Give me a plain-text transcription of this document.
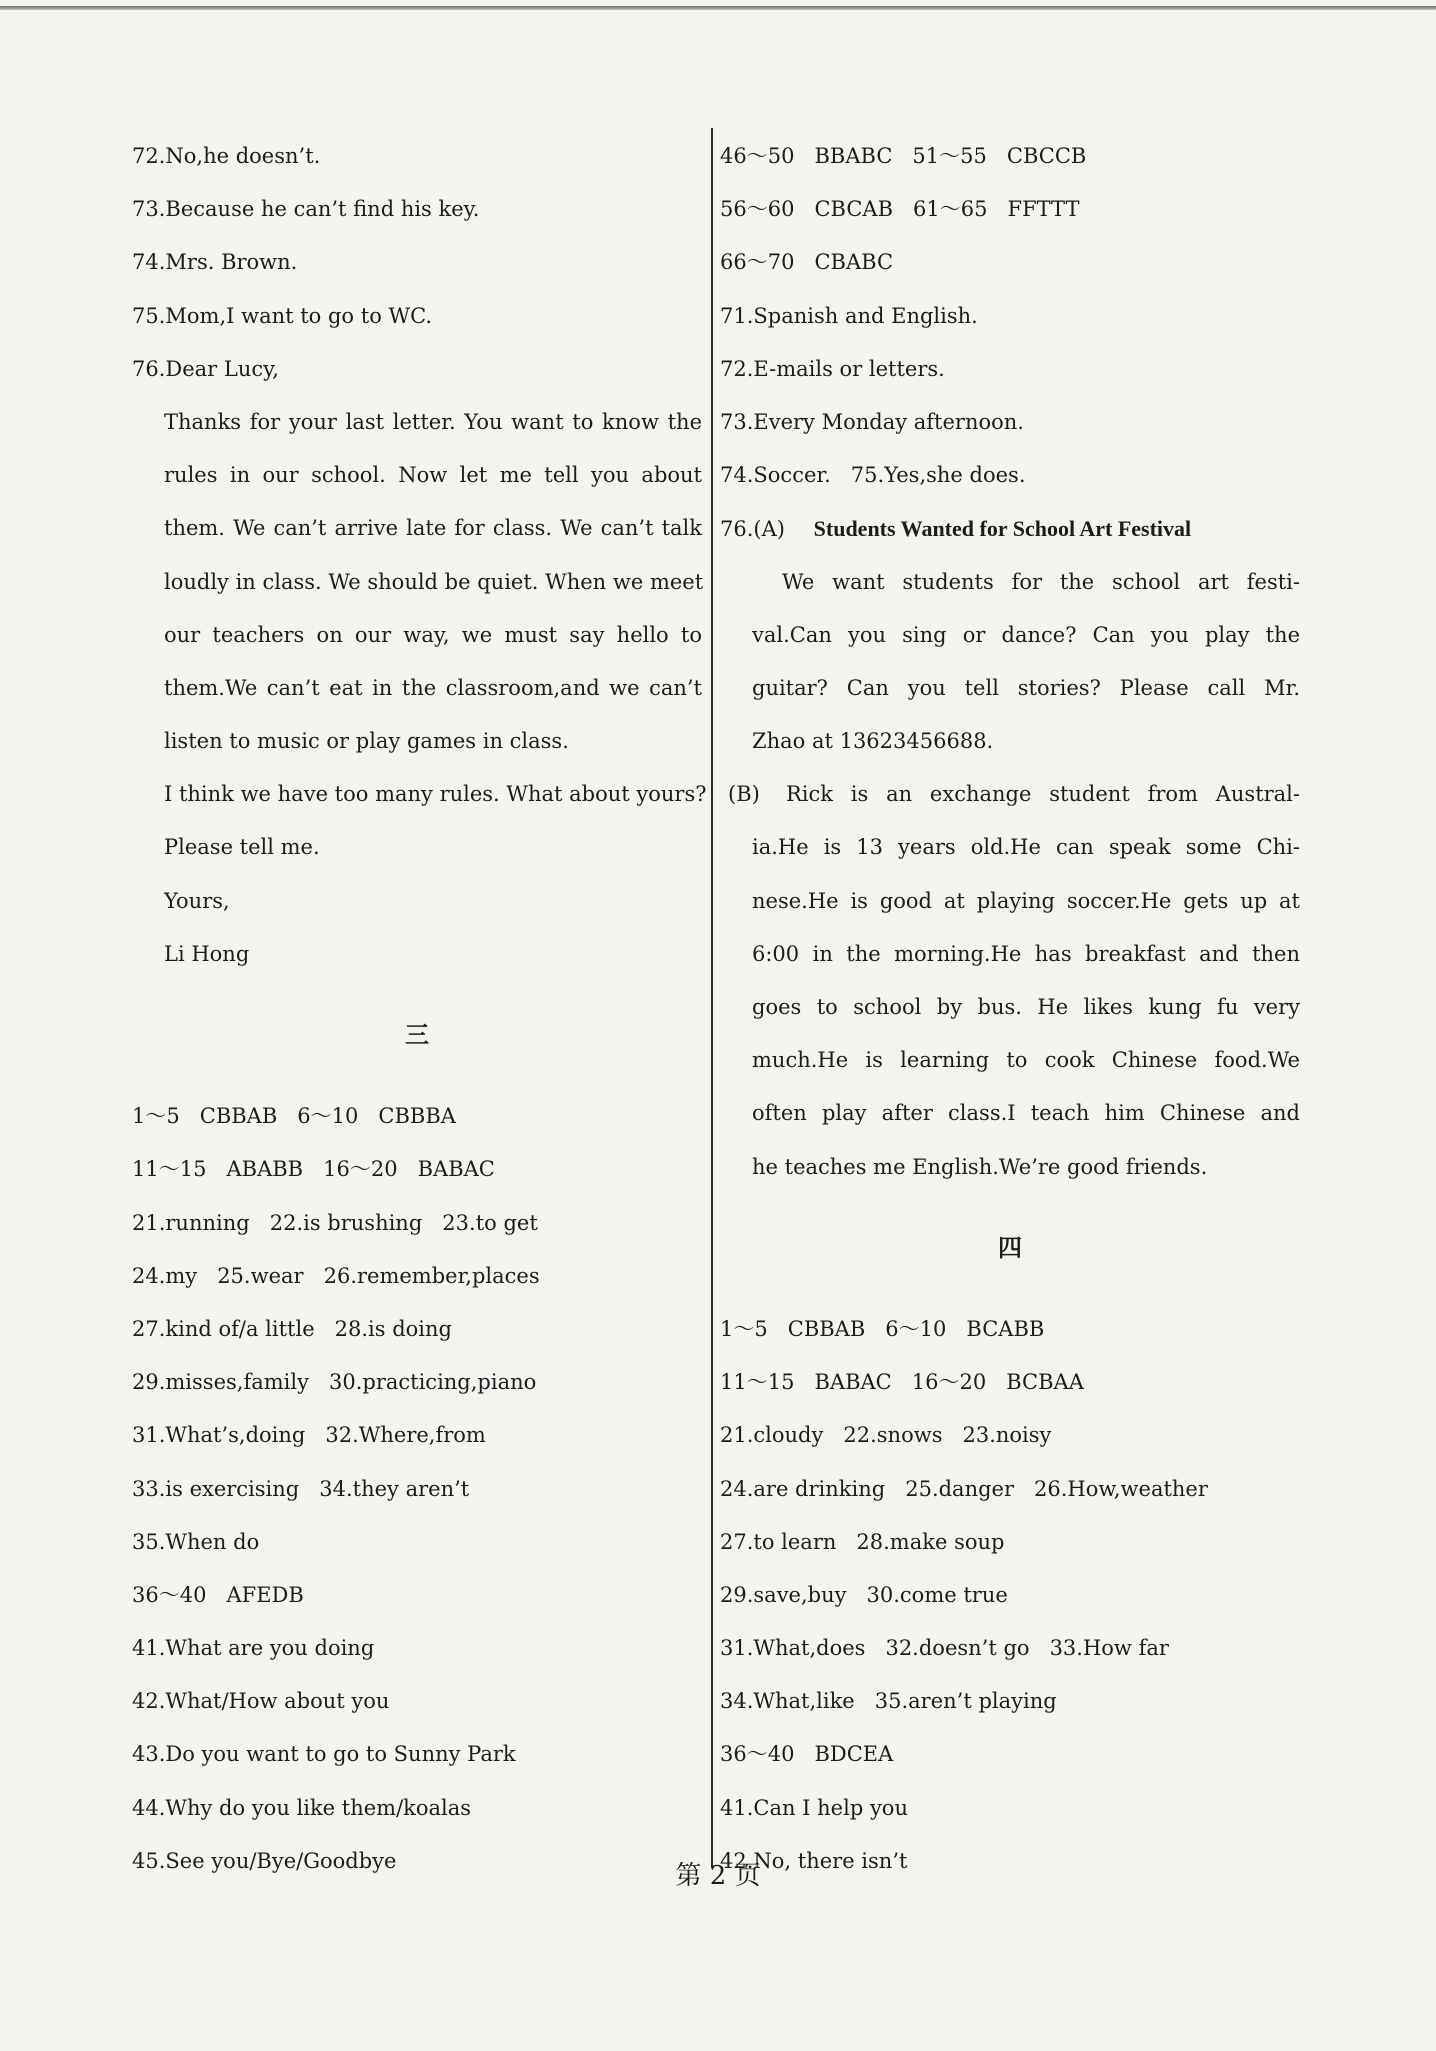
72.No,he doesn’t.
73.Because he can’t find his key.
74.Mrs. Brown.
75.Mom,I want to go to WC.
76.Dear Lucy,
Thanks for your last letter. You want to know the
rules in our school. Now let me tell you about
them. We can’t arrive late for class. We can’t talk
loudly in class. We should be quiet. When we meet
our teachers on our way, we must say hello to
them.We can’t eat in the classroom,and we can’t
listen to music or play games in class.
I think we have too many rules. What about yours?
Please tell me.
Yours,
Li Hong
三
1～5   CBBAB   6～10   CBBBA
11～15   ABABB   16～20   BABAC
21.running   22.is brushing   23.to get
24.my   25.wear   26.remember,places
27.kind of/a little   28.is doing
29.misses,family   30.practicing,piano
31.What’s,doing   32.Where,from
33.is exercising   34.they aren’t
35.When do
36～40   AFEDB
41.What are you doing
42.What/How about you
43.Do you want to go to Sunny Park
44.Why do you like them/koalas
45.See you/Bye/Goodbye
46～50   BBABC   51～55   CBCCB
56～60   CBCAB   61～65   FFTTT
66～70   CBABC
71.Spanish and English.
72.E-mails or letters.
73.Every Monday afternoon.
74.Soccer.   75.Yes,she does.
76.(A) Students Wanted for School Art Festival
We want students for the school art festi-
val.Can you sing or dance? Can you play the
guitar? Can you tell stories? Please call Mr.
Zhao at 13623456688.
(B)	Rick is an exchange student from Austral-
ia.He is 13 years old.He can speak some Chi-
nese.He is good at playing soccer.He gets up at
6:00 in the morning.He has breakfast and then
goes to school by bus. He likes kung fu very
much.He is learning to cook Chinese food.We
often play after class.I teach him Chinese and
he teaches me English.We’re good friends.
四
1～5   CBBAB   6～10   BCABB
11～15   BABAC   16～20   BCBAA
21.cloudy   22.snows   23.noisy
24.are drinking   25.danger   26.How,weather
27.to learn   28.make soup
29.save,buy   30.come true
31.What,does   32.doesn’t go   33.How far
34.What,like   35.aren’t playing
36～40   BDCEA
41.Can I help you
42.No, there isn’t
第 2 页
